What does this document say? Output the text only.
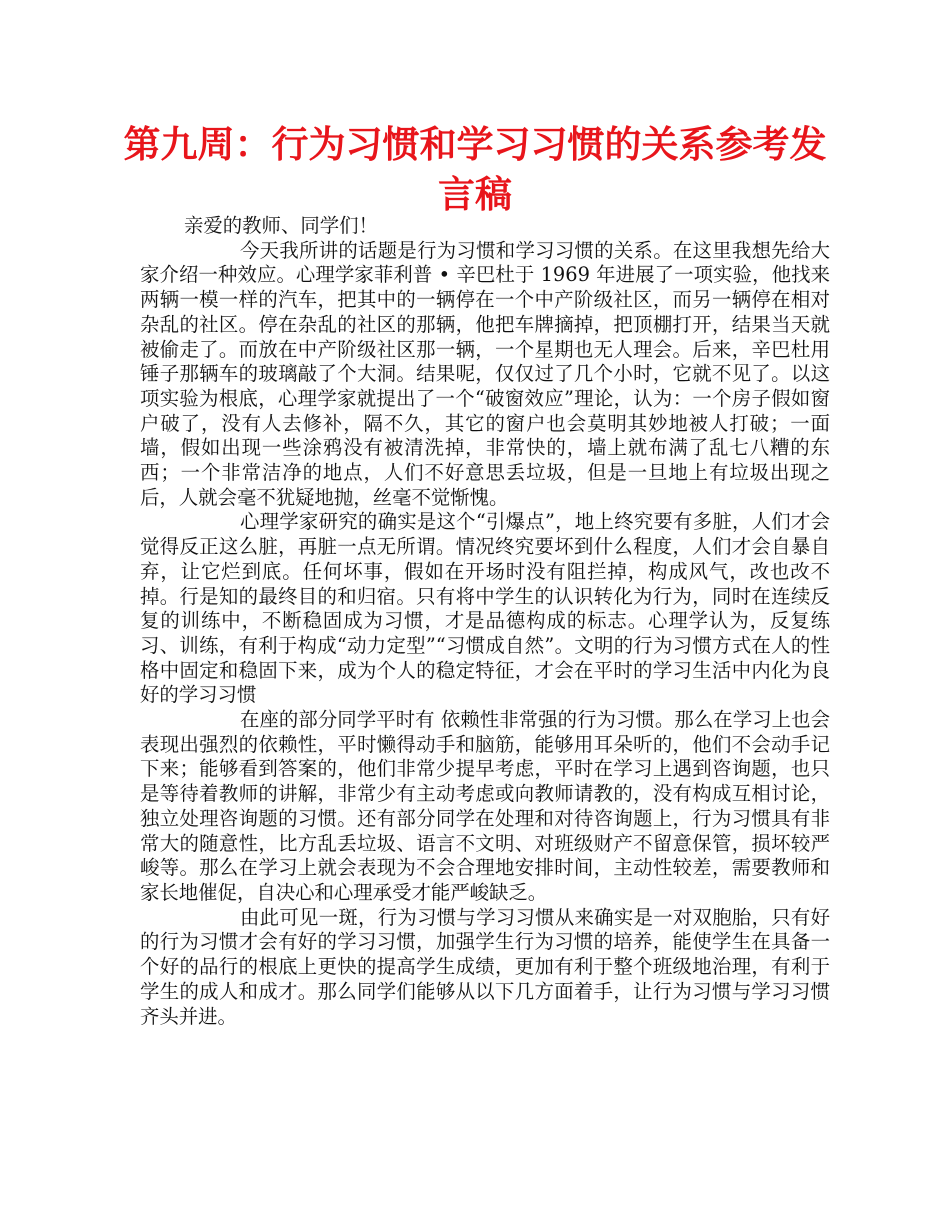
第九周：行为习惯和学习习惯的关系参考发言稿

亲爱的教师、同学们！

今天我所讲的话题是行为习惯和学习习惯的关系。在这里我想先给大家介绍一种效应。心理学家菲利普 • 辛巴杜于 1969 年进展了一项实验，他找来两辆一模一样的汽车，把其中的一辆停在一个中产阶级社区，而另一辆停在相对杂乱的社区。停在杂乱的社区的那辆，他把车牌摘掉，把顶棚打开，结果当天就被偷走了。而放在中产阶级社区那一辆，一个星期也无人理会。后来，辛巴杜用锤子那辆车的玻璃敲了个大洞。结果呢，仅仅过了几个小时，它就不见了。以这项实验为根底，心理学家就提出了一个“破窗效应”理论，认为：一个房子假如窗户破了，没有人去修补，隔不久，其它的窗户也会莫明其妙地被人打破；一面墙，假如出现一些涂鸦没有被清洗掉，非常快的，墙上就布满了乱七八糟的东西；一个非常洁净的地点，人们不好意思丢垃圾，但是一旦地上有垃圾出现之后，人就会毫不犹疑地抛，丝毫不觉惭愧。

心理学家研究的确实是这个“引爆点”，地上终究要有多脏，人们才会觉得反正这么脏，再脏一点无所谓。情况终究要坏到什么程度，人们才会自暴自弃，让它烂到底。任何坏事，假如在开场时没有阻拦掉，构成风气，改也改不掉。行是知的最终目的和归宿。只有将中学生的认识转化为行为，同时在连续反复的训练中，不断稳固成为习惯，才是品德构成的标志。心理学认为，反复练习、训练，有利于构成“动力定型”“习惯成自然”。文明的行为习惯方式在人的性格中固定和稳固下来，成为个人的稳定特征，才会在平时的学习生活中内化为良好的学习习惯

在座的部分同学平时有 依赖性非常强的行为习惯。那么在学习上也会表现出强烈的依赖性，平时懒得动手和脑筋，能够用耳朵听的，他们不会动手记下来；能够看到答案的，他们非常少提早考虑，平时在学习上遇到咨询题，也只是等待着教师的讲解，非常少有主动考虑或向教师请教的，没有构成互相讨论，独立处理咨询题的习惯。还有部分同学在处理和对待咨询题上，行为习惯具有非常大的随意性，比方乱丢垃圾、语言不文明、对班级财产不留意保管，损坏较严峻等。那么在学习上就会表现为不会合理地安排时间，主动性较差，需要教师和家长地催促，自决心和心理承受才能严峻缺乏。

由此可见一斑，行为习惯与学习习惯从来确实是一对双胞胎，只有好的行为习惯才会有好的学习习惯，加强学生行为习惯的培养，能使学生在具备一个好的品行的根底上更快的提高学生成绩，更加有利于整个班级地治理，有利于学生的成人和成才。那么同学们能够从以下几方面着手，让行为习惯与学习习惯齐头并进。
